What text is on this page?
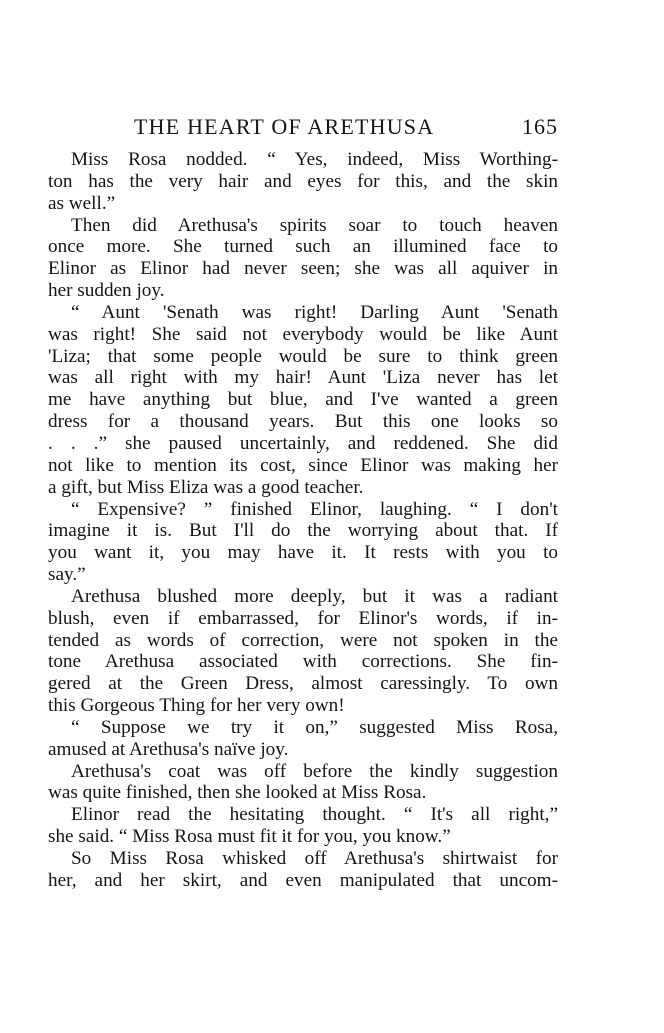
THE HEART OF ARETHUSA	165
Miss Rosa nodded. “ Yes, indeed, Miss Worthing-
ton has the very hair and eyes for this, and the skin
as well.”
Then did Arethusa's spirits soar to touch heaven
once more. She turned such an illumined face to
Elinor as Elinor had never seen; she was all aquiver in
her sudden joy.
“ Aunt 'Senath was right! Darling Aunt 'Senath
was right! She said not everybody would be like Aunt
'Liza; that some people would be sure to think green
was all right with my hair! Aunt 'Liza never has let
me have anything but blue, and I've wanted a green
dress for a thousand years. But this one looks so
. . .” she paused uncertainly, and reddened. She did
not like to mention its cost, since Elinor was making her
a gift, but Miss Eliza was a good teacher.
“ Expensive? ” finished Elinor, laughing. “ I don't
imagine it is. But I'll do the worrying about that. If
you want it, you may have it. It rests with you to
say.”
Arethusa blushed more deeply, but it was a radiant
blush, even if embarrassed, for Elinor's words, if in-
tended as words of correction, were not spoken in the
tone Arethusa associated with corrections. She fin-
gered at the Green Dress, almost caressingly. To own
this Gorgeous Thing for her very own!
“ Suppose we try it on,” suggested Miss Rosa,
amused at Arethusa's naïve joy.
Arethusa's coat was off before the kindly suggestion
was quite finished, then she looked at Miss Rosa.
Elinor read the hesitating thought. “ It's all right,”
she said. “ Miss Rosa must fit it for you, you know.”
So Miss Rosa whisked off Arethusa's shirtwaist for
her, and her skirt, and even manipulated that uncom-
